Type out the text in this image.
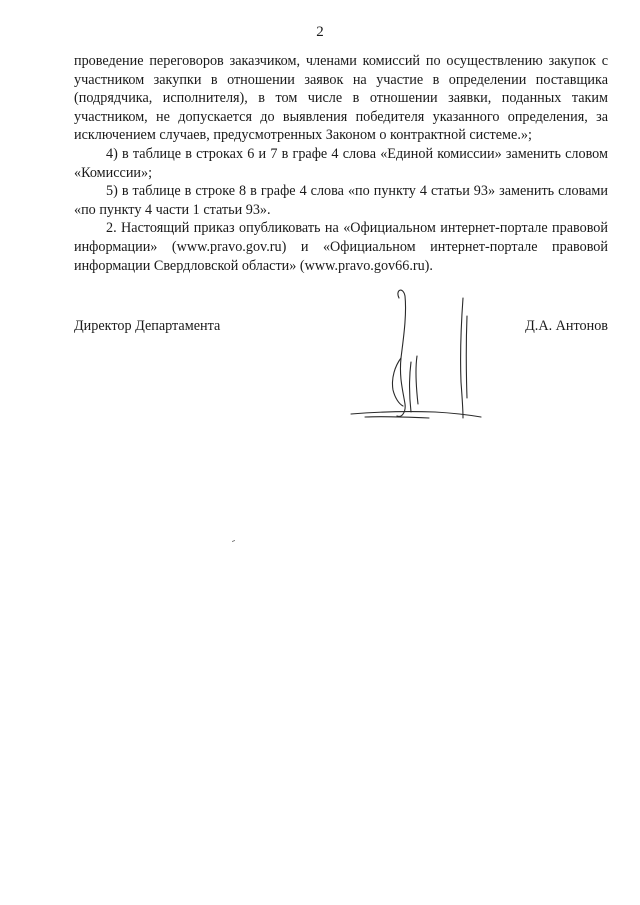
2

проведение переговоров заказчиком, членами комиссий по осуществлению закупок с участником закупки в отношении заявок на участие в определении поставщика (подрядчика, исполнителя), в том числе в отношении заявки, поданных таким участником, не допускается до выявления победителя указанного определения, за исключением случаев, предусмотренных Законом о контрактной системе.»;

4) в таблице в строках 6 и 7 в графе 4 слова «Единой комиссии» заменить словом «Комиссии»;

5) в таблице в строке 8 в графе 4 слова «по пункту 4 статьи 93» заменить словами «по пункту 4 части 1 статьи 93».

2. Настоящий приказ опубликовать на «Официальном интернет-портале правовой информации» (www.pravo.gov.ru) и «Официальном интернет-портале правовой информации Свердловской области» (www.pravo.gov66.ru).

Директор Департамента	Д.А. Антонов
